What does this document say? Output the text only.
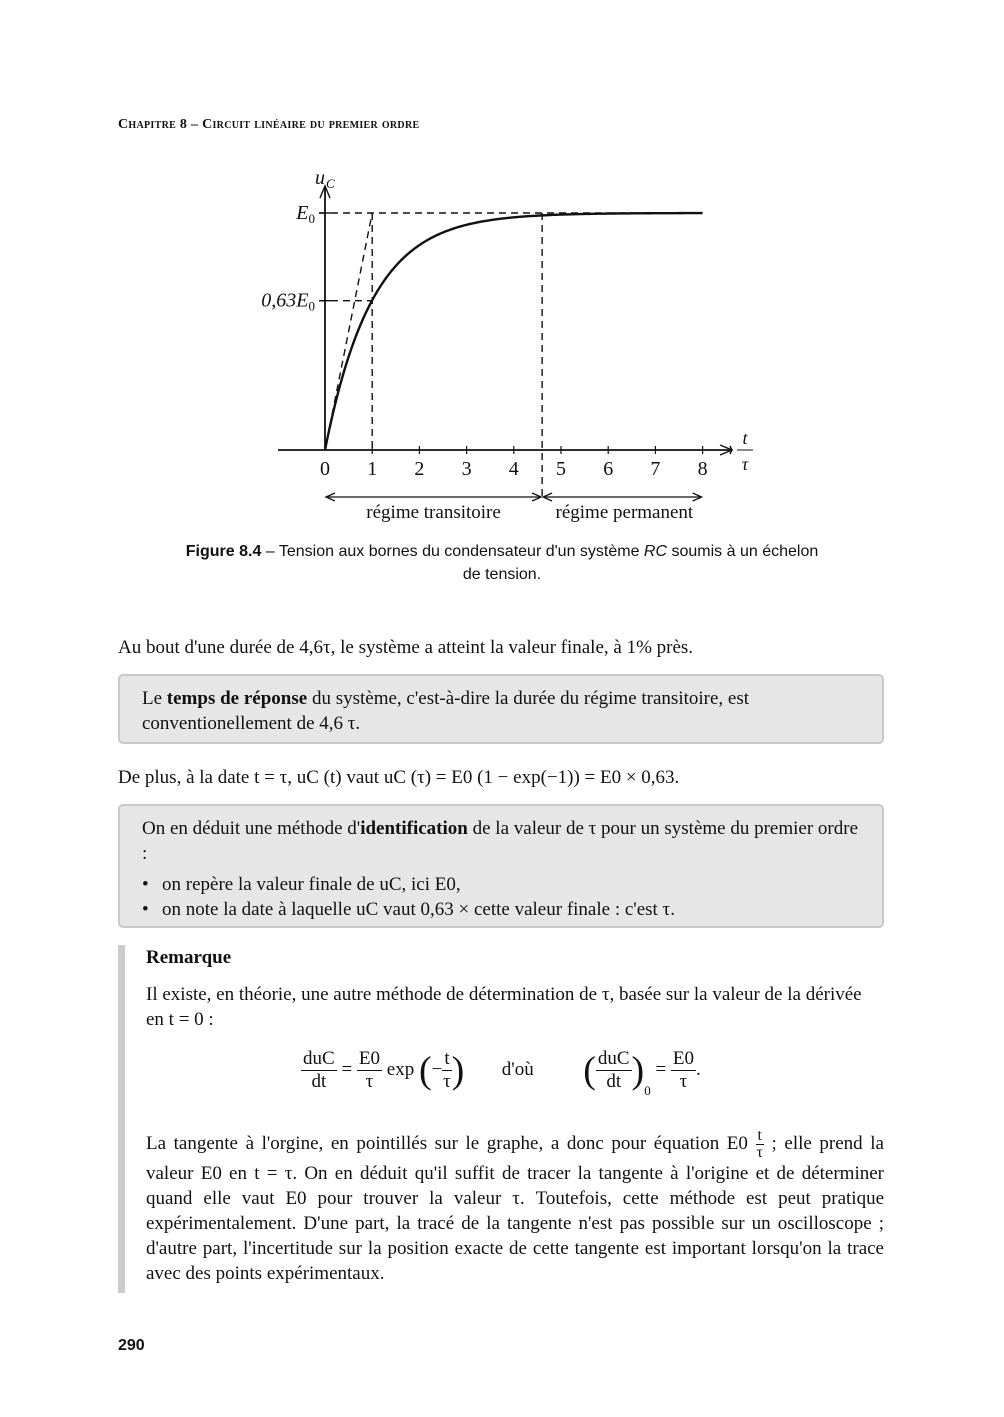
Chapitre 8 – Circuit linéaire du premier ordre
$E_0$
$0,63E_0$
0 1 2 3 4 5 6 7 8
u C
t
τ
régime transitoire	régime permanent
Figure 8.4 – Tension aux bornes du condensateur d'un système RC soumis à un échelon de tension.
Au bout d'une durée de 4,6τ, le système a atteint la valeur finale, à 1% près.
Le temps de réponse du système, c'est-à-dire la durée du régime transitoire, est conventionellement de 4,6 τ.
De plus, à la date t = τ, uC (t) vaut uC (τ) = E0 (1 − exp(−1)) = E0 × 0,63.
On en déduit une méthode d'identification de la valeur de τ pour un système du premier ordre :
• on repère la valeur finale de uC, ici E0,
• on note la date à laquelle uC vaut 0,63 × cette valeur finale : c'est τ.
Remarque
Il existe, en théorie, une autre méthode de détermination de τ, basée sur la valeur de la dérivée en t = 0 :
$\frac{\text{duC}}{dt} = \frac{E0}{\tau}$ exp (− $\frac{t}{\tau}$ ) d'où ( $\frac{\text{duC}}{dt} )_0 = \frac{E0}{\tau}$ .
La tangente à l'orgine, en pointillés sur le graphe, a donc pour équation $E0 \frac{t}{\tau}$ ; elle prend la valeur E0 en t = τ. On en déduit qu'il suffit de tracer la tangente à l'origine et de déterminer quand elle vaut E0 pour trouver la valeur τ. Toutefois, cette méthode est peut pratique expérimentalement. D'une part, la tracé de la tangente n'est pas possible sur un oscilloscope ; d'autre part, l'incertitude sur la position exacte de cette tangente est important lorsqu'on la trace avec des points expérimentaux.
290
